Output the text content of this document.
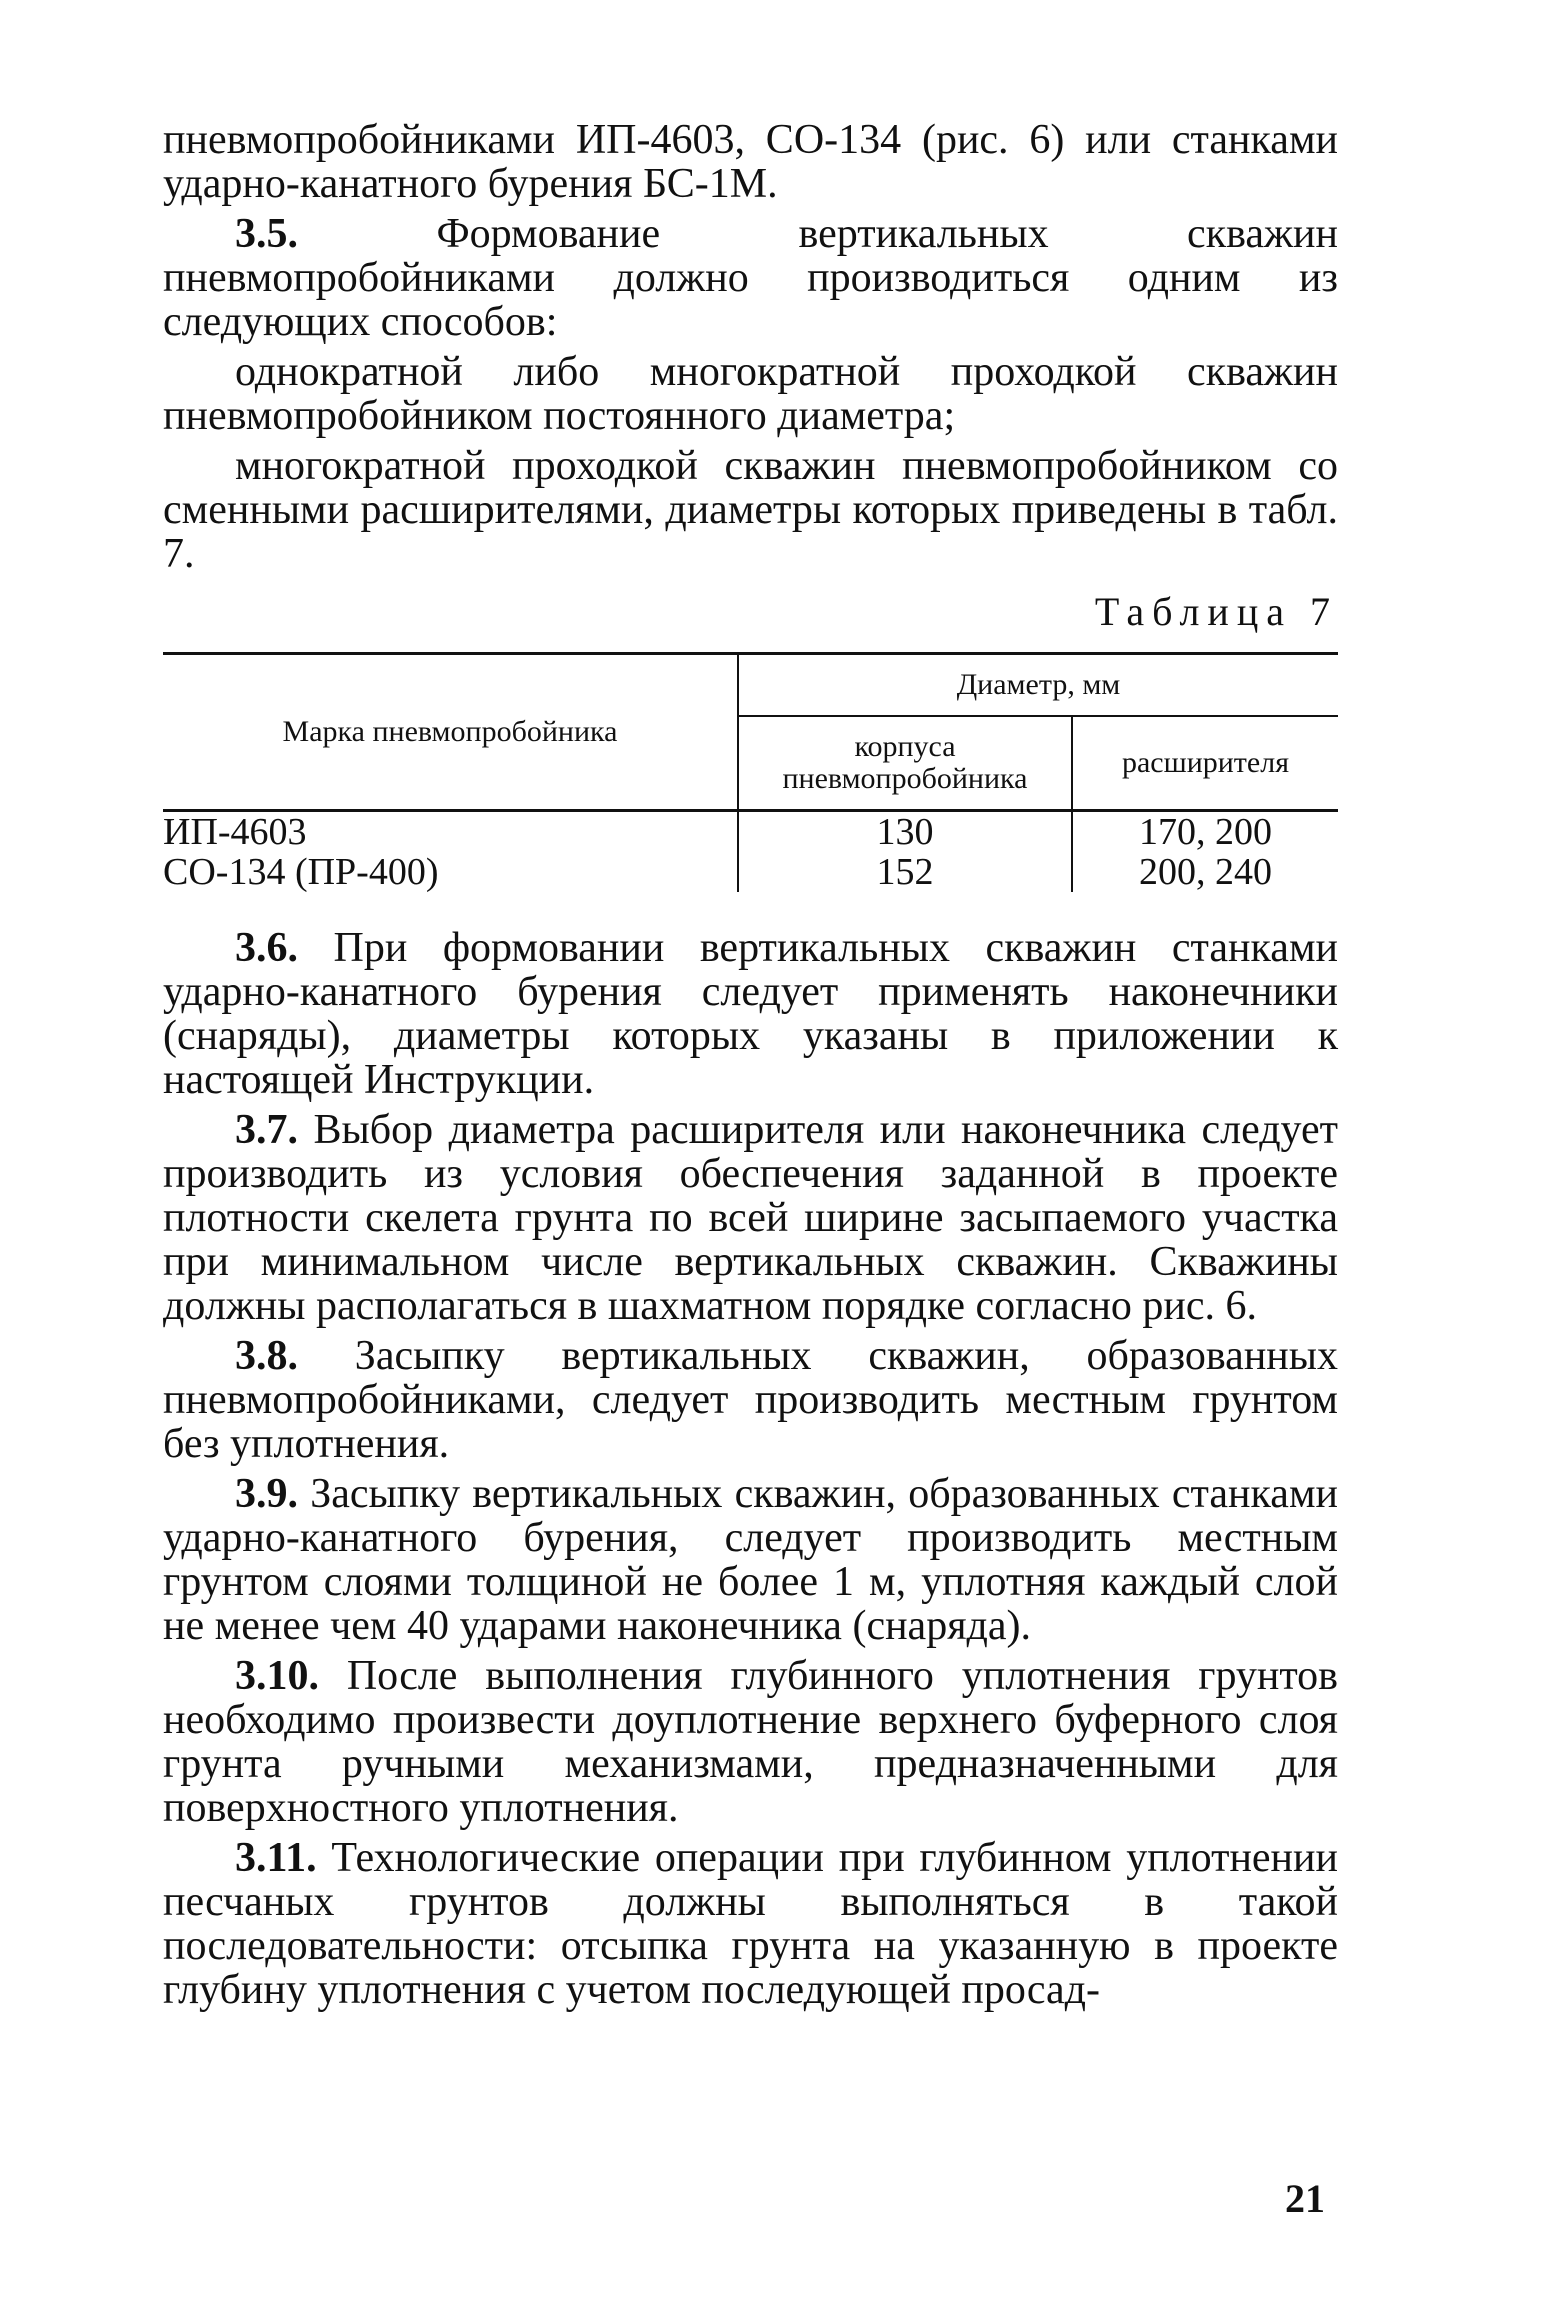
пневмопробойниками ИП-4603, СО-134 (рис. 6) или станками ударно-канатного бурения БС-1М.

3.5. Формование вертикальных скважин пневмопробойниками должно производиться одним из следующих способов:

однократной либо многократной проходкой скважин пневмопробойником постоянного диаметра;

многократной проходкой скважин пневмопробойником со сменными расширителями, диаметры которых приведены в табл. 7.

Таблица 7
Марка пневмопробойника	Диаметр, мм	
	корпуса пневмопробойника	расширителя
ИП-4603	130	170, 200
СО-134 (ПР-400)	152	200, 240

3.6. При формовании вертикальных скважин станками ударно-канатного бурения следует применять наконечники (снаряды), диаметры которых указаны в приложении к настоящей Инструкции.

3.7. Выбор диаметра расширителя или наконечника следует производить из условия обеспечения заданной в проекте плотности скелета грунта по всей ширине засыпаемого участка при минимальном числе вертикальных скважин. Скважины должны располагаться в шахматном порядке согласно рис. 6.

3.8. Засыпку вертикальных скважин, образованных пневмопробойниками, следует производить местным грунтом без уплотнения.

3.9. Засыпку вертикальных скважин, образованных станками ударно-канатного бурения, следует производить местным грунтом слоями толщиной не более 1 м, уплотняя каждый слой не менее чем 40 ударами наконечника (снаряда).

3.10. После выполнения глубинного уплотнения грунтов необходимо произвести доуплотнение верхнего буферного слоя грунта ручными механизмами, предназначенными для поверхностного уплотнения.

3.11. Технологические операции при глубинном уплотнении песчаных грунтов должны выполняться в такой последовательности: отсыпка грунта на указанную в проекте глубину уплотнения с учетом последующей просад-

21
